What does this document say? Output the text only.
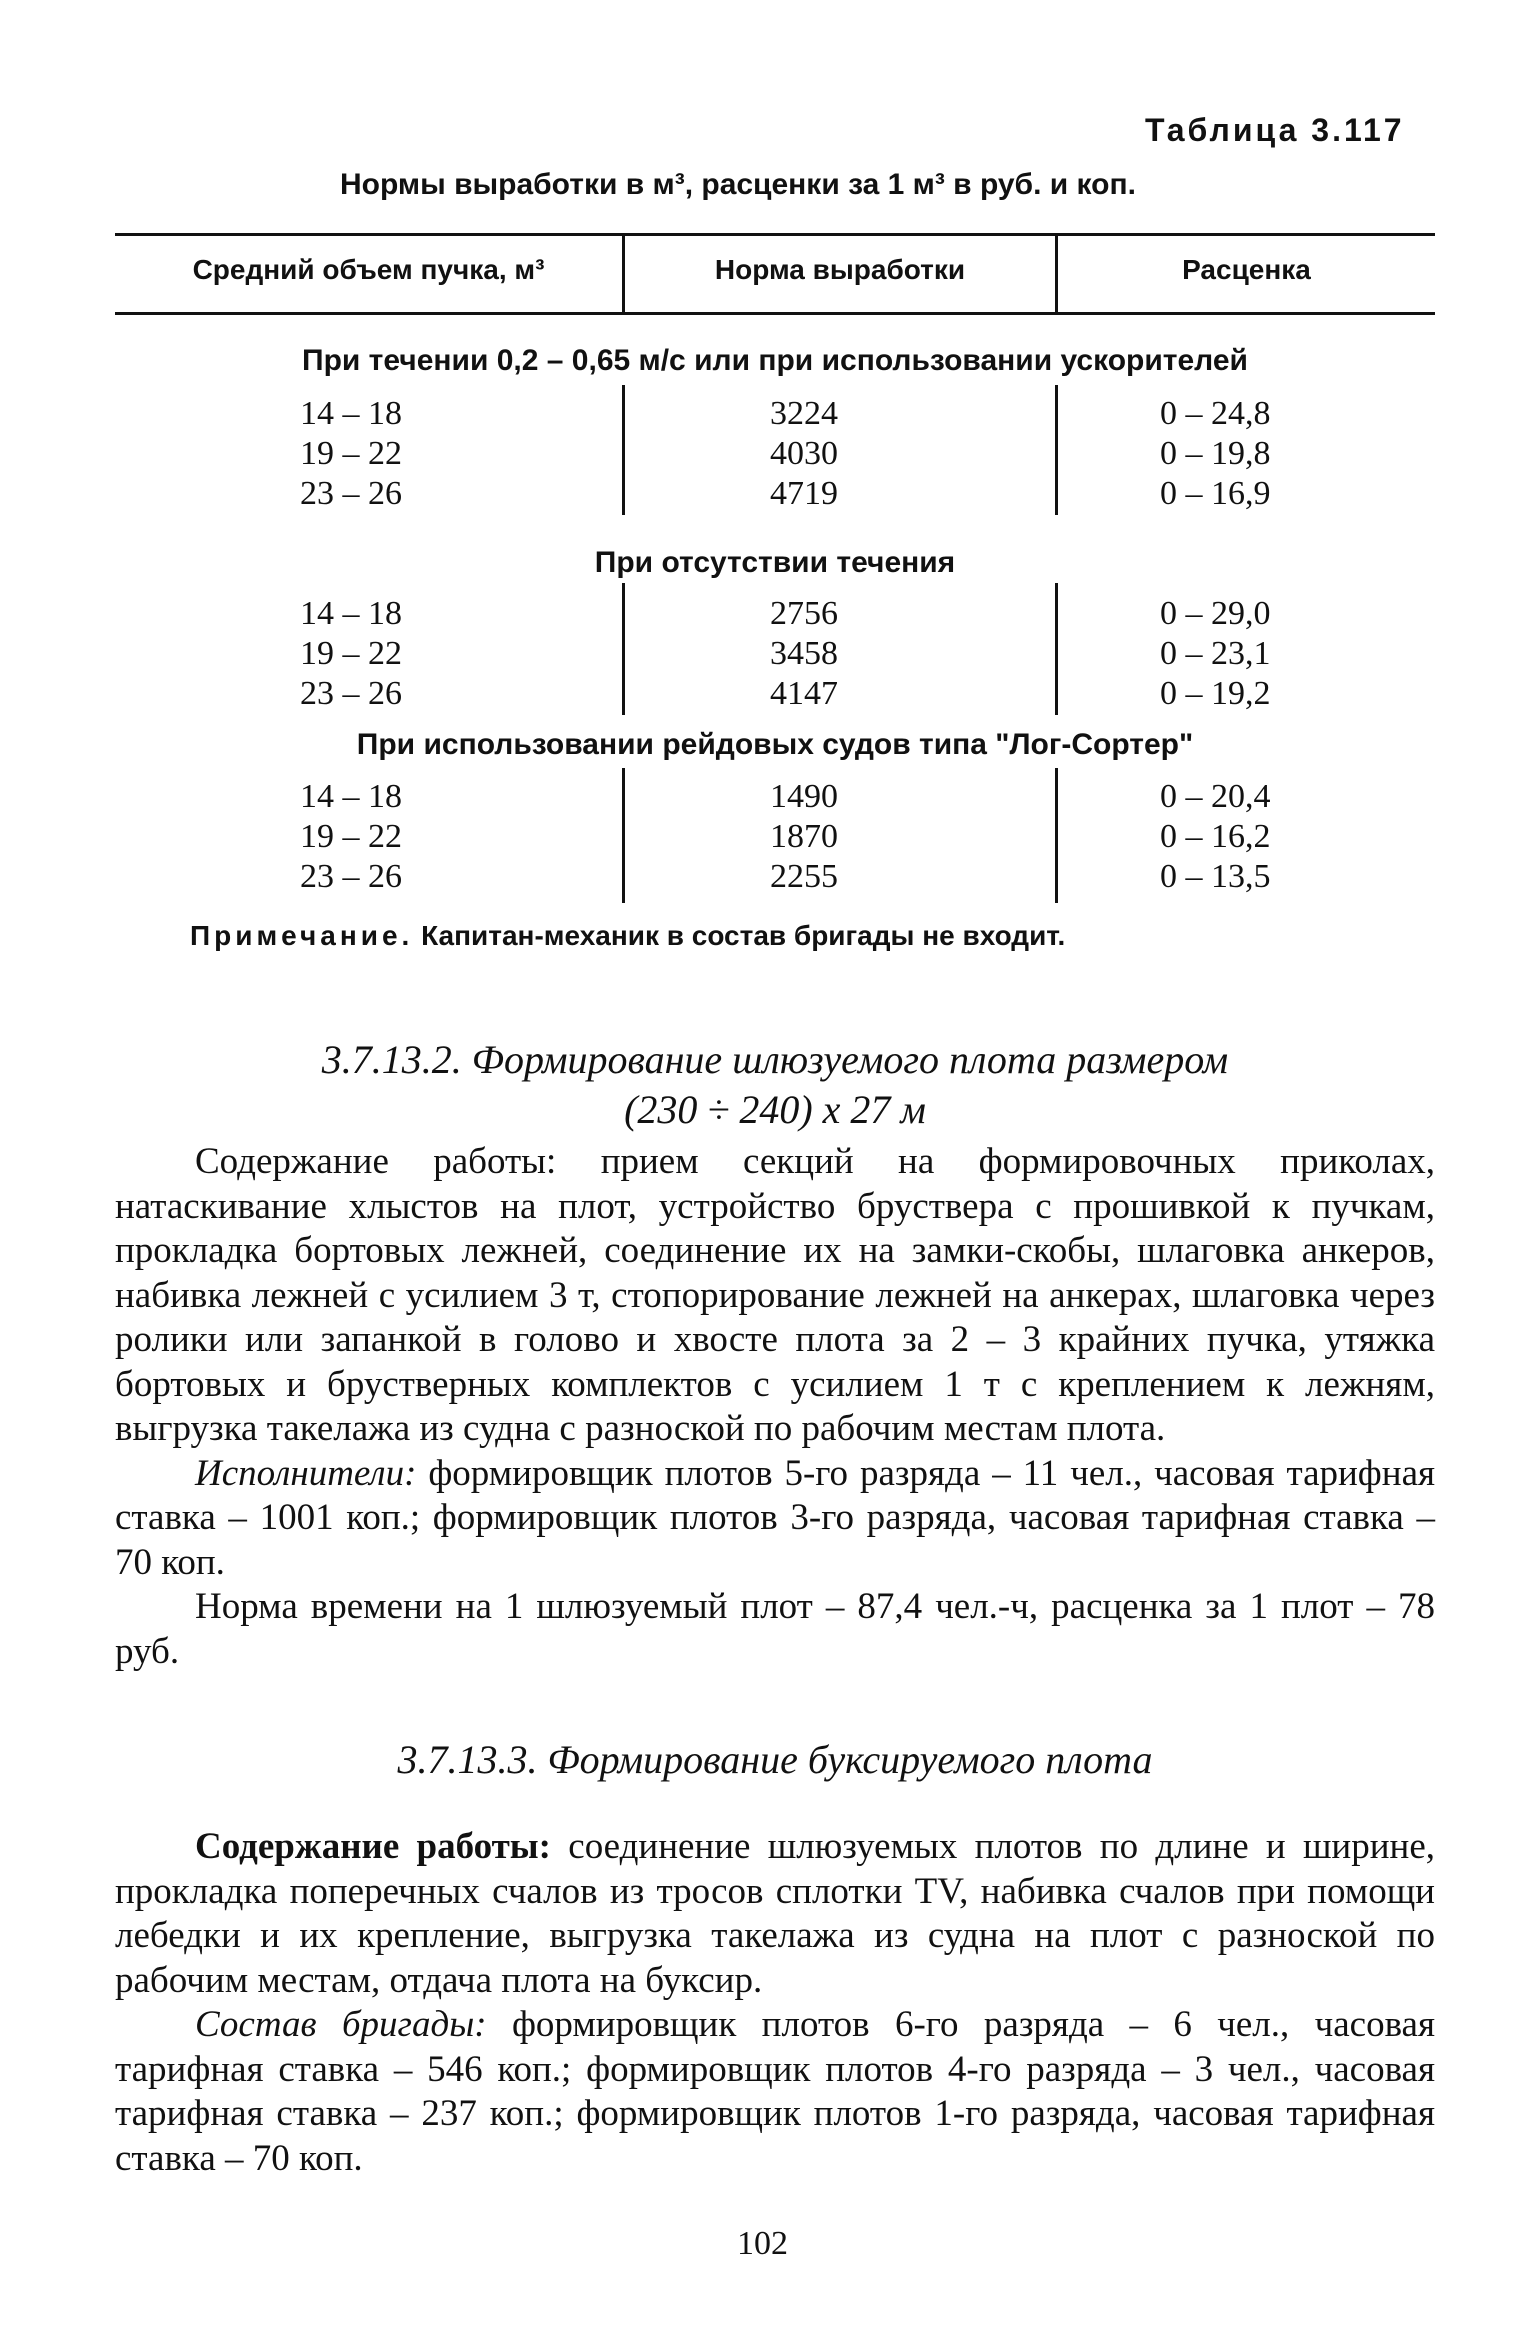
Таблица 3.117
Нормы выработки в м³, расценки за 1 м³ в руб. и коп.
Средний объем пучка, м³	Норма выработки	Расценка
При течении 0,2 – 0,65 м/с или при использовании ускорителей
14 – 18	3224	0 – 24,8
19 – 22	4030	0 – 19,8
23 – 26	4719	0 – 16,9
При отсутствии течения
14 – 18	2756	0 – 29,0
19 – 22	3458	0 – 23,1
23 – 26	4147	0 – 19,2
При использовании рейдовых судов типа "Лог-Сортер"
14 – 18	1490	0 – 20,4
19 – 22	1870	0 – 16,2
23 – 26	2255	0 – 13,5
Примечание. Капитан-механик в состав бригады не входит.
3.7.13.2. Формирование шлюзуемого плота размером
(230 ÷ 240) х 27 м

Содержание работы: прием секций на формировочных приколах, натаскивание хлыстов на плот, устройство бруствера с прошивкой к пучкам, прокладка бортовых лежней, соединение их на замки-скобы, шлаговка анкеров, набивка лежней с усилием 3 т, стопорирование лежней на анкерах, шлаговка через ролики или запанкой в голово и хвосте плота за 2 – 3 крайних пучка, утяжка бортовых и брустверных комплектов с усилием 1 т с креплением к лежням, выгрузка такелажа из судна с разноской по рабочим местам плота.

Исполнители: формировщик плотов 5-го разряда – 11 чел., часовая тарифная ставка – 1001 коп.; формировщик плотов 3-го разряда, часовая тарифная ставка – 70 коп.

Норма времени на 1 шлюзуемый плот – 87,4 чел.-ч, расценка за 1 плот – 78 руб.

3.7.13.3. Формирование буксируемого плота

Содержание работы: соединение шлюзуемых плотов по длине и ширине, прокладка поперечных счалов из тросов сплотки TV, набивка счалов при помощи лебедки и их крепление, выгрузка такелажа из судна на плот с разноской по рабочим местам, отдача плота на буксир.

Состав бригады: формировщик плотов 6-го разряда – 6 чел., часовая тарифная ставка – 546 коп.; формировщик плотов 4-го разряда – 3 чел., часовая тарифная ставка – 237 коп.; формировщик плотов 1-го разряда, часовая тарифная ставка – 70 коп.

102
